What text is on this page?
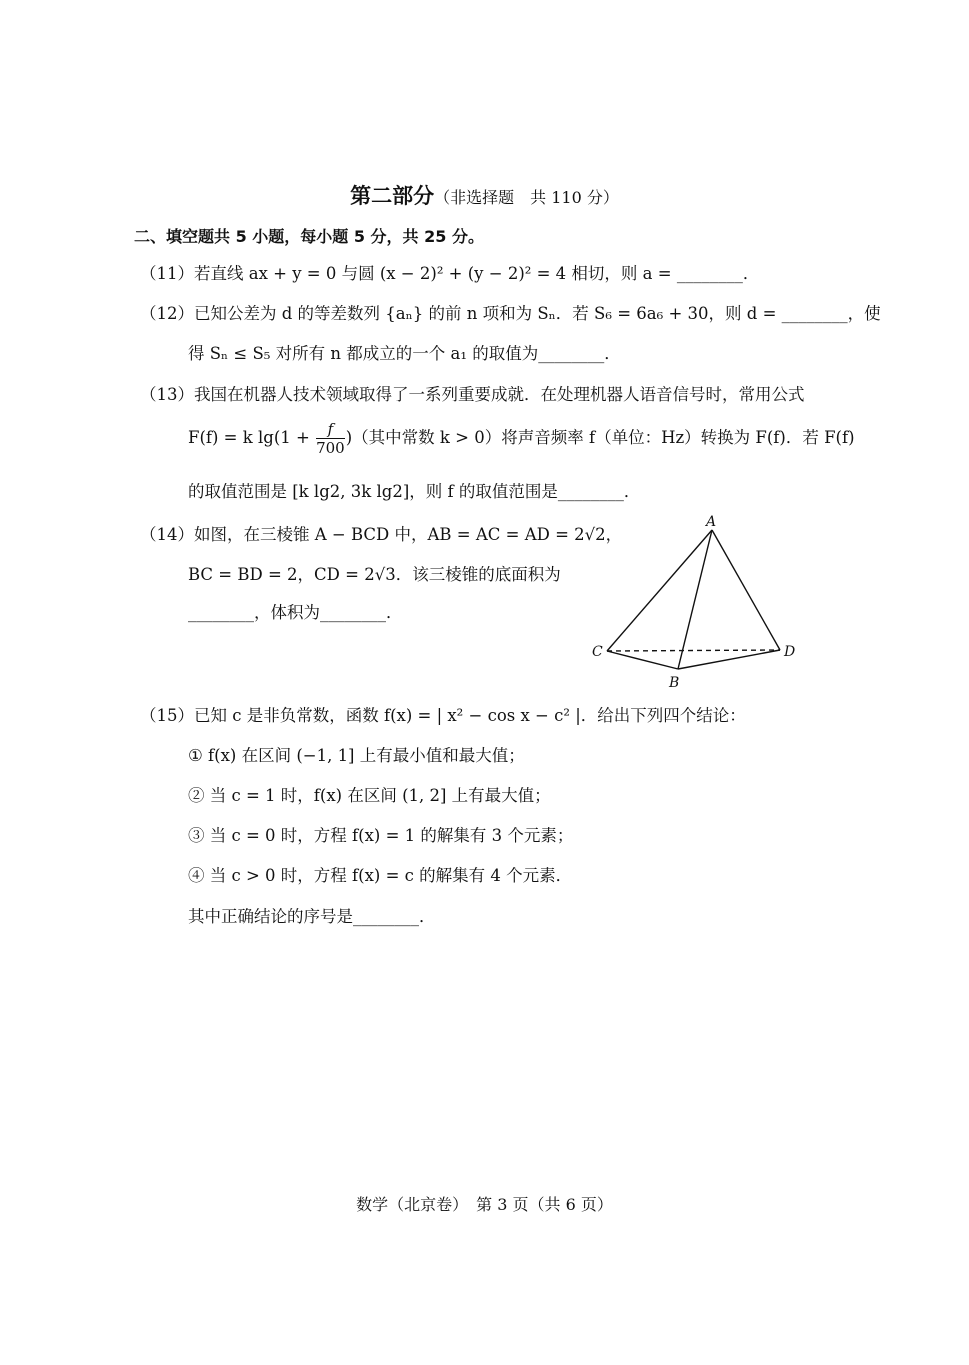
第二部分（非选择题　共 110 分）
二、填空题共 5 小题，每小题 5 分，共 25 分。
（11）若直线 ax + y = 0 与圆 (x − 2)² + (y − 2)² = 4 相切，则 a = ________．
（12）已知公差为 d 的等差数列 {aₙ} 的前 n 项和为 Sₙ．若 S₆ = 6a₆ + 30，则 d = ________，使
得 Sₙ ≤ S₅ 对所有 n 都成立的一个 a₁ 的取值为________．
（13）我国在机器人技术领域取得了一系列重要成就．在处理机器人语音信号时，常用公式
F(f) = k $\lg(1 + \frac{f}{700}$ )（其中常数 k > 0）将声音频率 f（单位：Hz）转换为 F(f)．若 F(f)
的取值范围是 [k lg2, 3k lg2]，则 f 的取值范围是________．
（14）如图，在三棱锥 A − BCD 中，AB = AC = AD = 2√2，
BC = BD = 2，CD = 2√3．该三棱锥的底面积为
________，体积为________．
A
C
B
D
（15）已知 c 是非负常数，函数 f(x) = | x² − cos x − c² |．给出下列四个结论：
① f(x) 在区间 (−1, 1] 上有最小值和最大值；
② 当 c = 1 时，f(x) 在区间 (1, 2] 上有最大值；
③ 当 c = 0 时，方程 f(x) = 1 的解集有 3 个元素；
④ 当 c > 0 时，方程 f(x) = c 的解集有 4 个元素．
其中正确结论的序号是________．
数学（北京卷）　第 3 页（共 6 页）
